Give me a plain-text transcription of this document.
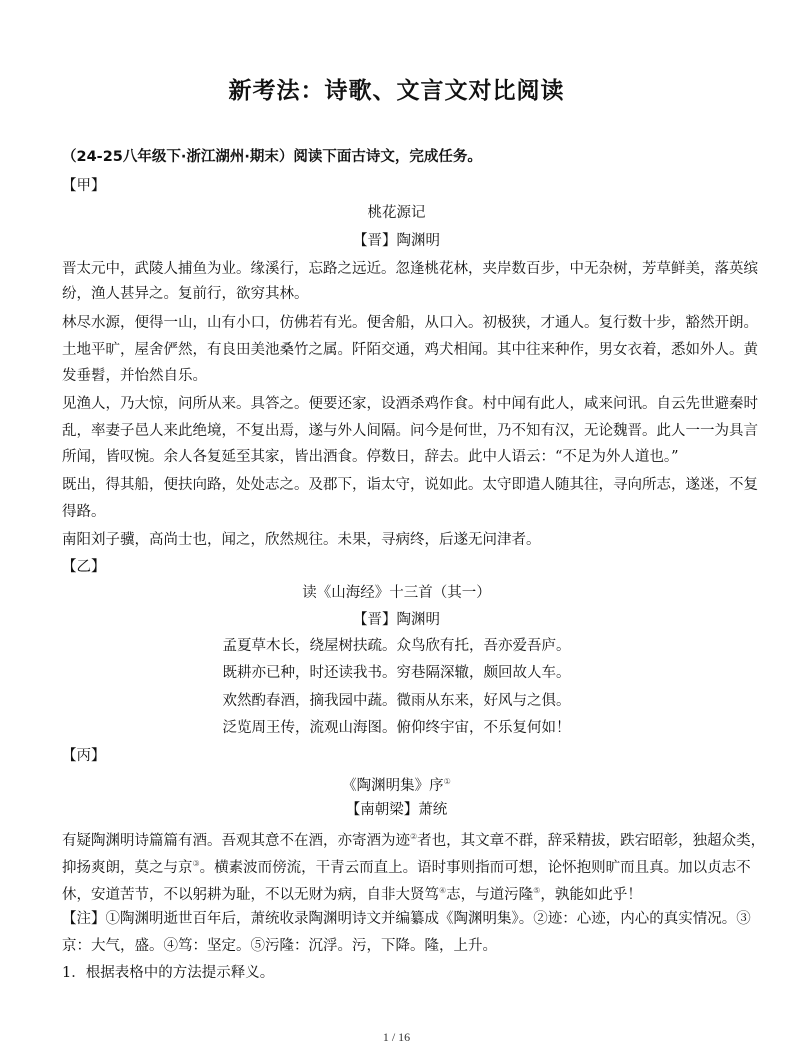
新考法：诗歌、文言文对比阅读
（24-25八年级下·浙江湖州·期末）阅读下面古诗文，完成任务。
【甲】
桃花源记
【晋】陶渊明
晋太元中，武陵人捕鱼为业。缘溪行，忘路之远近。忽逢桃花林，夹岸数百步，中无杂树，芳草鲜美，落英缤
纷，渔人甚异之。复前行，欲穷其林。
林尽水源，便得一山，山有小口，仿佛若有光。便舍船，从口入。初极狭，才通人。复行数十步，豁然开朗。
土地平旷，屋舍俨然，有良田美池桑竹之属。阡陌交通，鸡犬相闻。其中往来种作，男女衣着，悉如外人。黄
发垂髫，并怡然自乐。
见渔人，乃大惊，问所从来。具答之。便要还家，设酒杀鸡作食。村中闻有此人，咸来问讯。自云先世避秦时
乱，率妻子邑人来此绝境，不复出焉，遂与外人间隔。问今是何世，乃不知有汉，无论魏晋。此人一一为具言
所闻，皆叹惋。余人各复延至其家，皆出酒食。停数日，辞去。此中人语云：“不足为外人道也。”
既出，得其船，便扶向路，处处志之。及郡下，诣太守，说如此。太守即遣人随其往，寻向所志，遂迷，不复
得路。
南阳刘子骥，高尚士也，闻之，欣然规往。未果，寻病终，后遂无问津者。
【乙】
读《山海经》十三首（其一）
【晋】陶渊明
孟夏草木长，绕屋树扶疏。众鸟欣有托，吾亦爱吾庐。
既耕亦已种，时还读我书。穷巷隔深辙，颇回故人车。
欢然酌春酒，摘我园中蔬。微雨从东来，好风与之俱。
泛览周王传，流观山海图。俯仰终宇宙，不乐复何如！
【丙】
《陶渊明集》序①
【南朝梁】萧统
有疑陶渊明诗篇篇有酒。吾观其意不在酒，亦寄酒为迹②者也，其文章不群，辞采精拔，跌宕昭彰，独超众类，
抑扬爽朗，莫之与京③。横素波而傍流，干青云而直上。语时事则指而可想，论怀抱则旷而且真。加以贞志不
休，安道苦节，不以躬耕为耻，不以无财为病，自非大贤笃④志，与道污隆⑤，孰能如此乎！
【注】①陶渊明逝世百年后，萧统收录陶渊明诗文并编纂成《陶渊明集》。②迹：心迹，内心的真实情况。③
京：大气，盛。④笃：坚定。⑤污隆：沉浮。污，下降。隆，上升。
1．根据表格中的方法提示释义。
1 / 16
